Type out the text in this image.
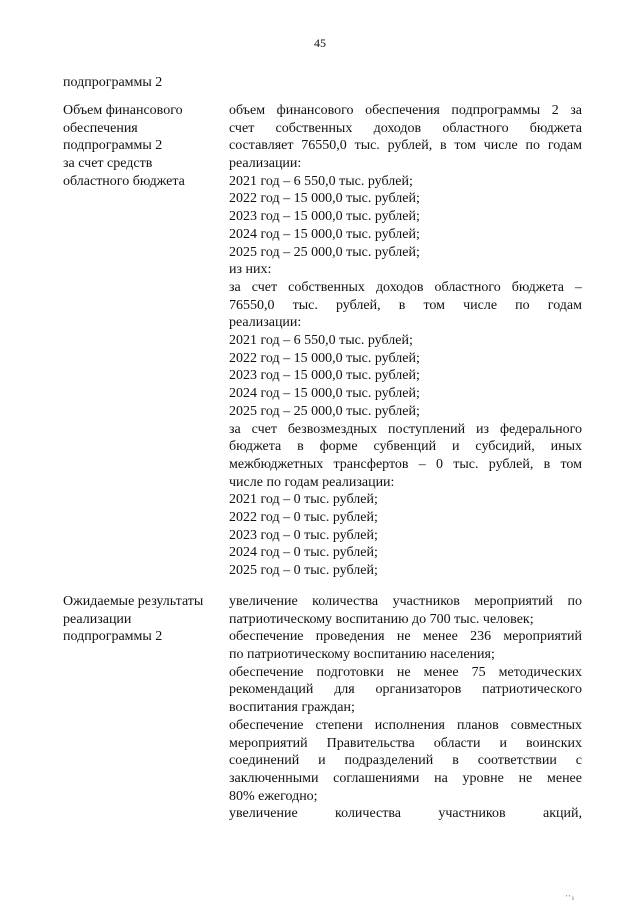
45
подпрограммы 2
Объем финансового
обеспечения
подпрограммы 2
за счет средств
областного бюджета
объем финансового обеспечения подпрограммы 2 за
счет собственных доходов областного бюджета
составляет 76550,0 тыс. рублей, в том числе по годам
реализации:
2021 год – 6 550,0 тыс. рублей;
2022 год – 15 000,0 тыс. рублей;
2023 год – 15 000,0 тыс. рублей;
2024 год – 15 000,0 тыс. рублей;
2025 год – 25 000,0 тыс. рублей;
из них:
за счет собственных доходов областного бюджета –
76550,0 тыс. рублей, в том числе по годам
реализации:
2021 год – 6 550,0 тыс. рублей;
2022 год – 15 000,0 тыс. рублей;
2023 год – 15 000,0 тыс. рублей;
2024 год – 15 000,0 тыс. рублей;
2025 год – 25 000,0 тыс. рублей;
за счет безвозмездных поступлений из федерального
бюджета в форме субвенций и субсидий, иных
межбюджетных трансфертов – 0 тыс. рублей, в том
числе по годам реализации:
2021 год – 0 тыс. рублей;
2022 год – 0 тыс. рублей;
2023 год – 0 тыс. рублей;
2024 год – 0 тыс. рублей;
2025 год – 0 тыс. рублей;
Ожидаемые результаты
реализации
подпрограммы 2
увеличение количества участников мероприятий по
патриотическому воспитанию до 700 тыс. человек;
обеспечение проведения не менее 236 мероприятий
по патриотическому воспитанию населения;
обеспечение подготовки не менее 75 методических
рекомендаций для организаторов патриотического
воспитания граждан;
обеспечение степени исполнения планов совместных
мероприятий Правительства области и воинских
соединений и подразделений в соответствии с
заключенными соглашениями на уровне не менее
80% ежегодно;
увеличение количества участников акций,
' ' ı
